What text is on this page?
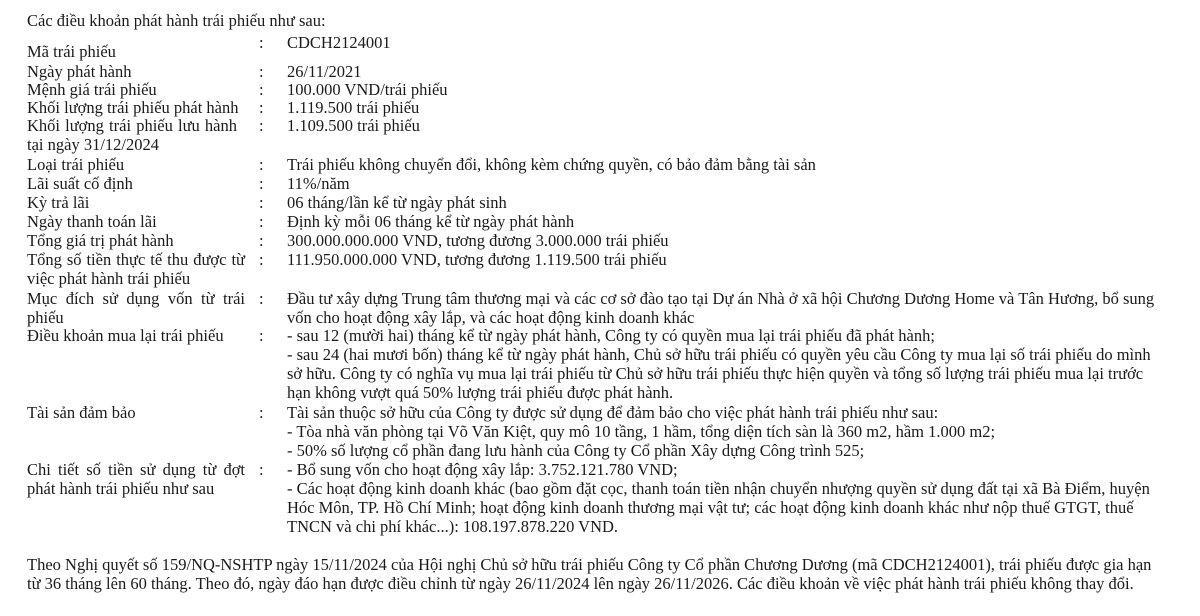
Các điều khoản phát hành trái phiếu như sau:
Mã trái phiếu	: CDCH2124001
Ngày phát hành	: 26/11/2021
Mệnh giá trái phiếu	: 100.000 VND/trái phiếu
Khối lượng trái phiếu phát hành	: 1.119.500 trái phiếu
Khối lượng trái phiếu lưu hành tại ngày 31/12/2024
: 1.109.500 trái phiếu
Loại trái phiếu	: Trái phiếu không chuyển đổi, không kèm chứng quyền, có bảo đảm bằng tài sản
Lãi suất cố định	: 11%/năm
Kỳ trả lãi	: 06 tháng/lần kể từ ngày phát sinh
Ngày thanh toán lãi	: Định kỳ mỗi 06 tháng kể từ ngày phát hành
Tổng giá trị phát hành	: 300.000.000.000 VND, tương đương 3.000.000 trái phiếu
Tổng số tiền thực tế thu được từ việc phát hành trái phiếu
: 111.950.000.000 VND, tương đương 1.119.500 trái phiếu
Mục đích sử dụng vốn từ trái phiếu
: Đầu tư xây dựng Trung tâm thương mại và các cơ sở đào tạo tại Dự án Nhà ở xã hội Chương Dương Home và Tân Hương, bổ sung
vốn cho hoạt động xây lắp, và các hoạt động kinh doanh khác
Điều khoản mua lại trái phiếu	: - sau 12 (mười hai) tháng kể từ ngày phát hành, Công ty có quyền mua lại trái phiếu đã phát hành;
- sau 24 (hai mươi bốn) tháng kể từ ngày phát hành, Chủ sở hữu trái phiếu có quyền yêu cầu Công ty mua lại số trái phiếu do mình
sở hữu. Công ty có nghĩa vụ mua lại trái phiếu từ Chủ sở hữu trái phiếu thực hiện quyền và tổng số lượng trái phiếu mua lại trước
hạn không vượt quá 50% lượng trái phiếu được phát hành.
Tài sản đảm bảo	: Tài sản thuộc sở hữu của Công ty được sử dụng để đảm bảo cho việc phát hành trái phiếu như sau:
- Tòa nhà văn phòng tại Võ Văn Kiệt, quy mô 10 tầng, 1 hầm, tổng diện tích sàn là 360 m2, hầm 1.000 m2;
- 50% số lượng cổ phần đang lưu hành của Công ty Cổ phần Xây dựng Công trình 525;
Chi tiết số tiền sử dụng từ đợt phát hành trái phiếu như sau
: - Bổ sung vốn cho hoạt động xây lắp: 3.752.121.780 VND;
- Các hoạt động kinh doanh khác (bao gồm đặt cọc, thanh toán tiền nhận chuyển nhượng quyền sử dụng đất tại xã Bà Điểm, huyện
Hóc Môn, TP. Hồ Chí Minh; hoạt động kinh doanh thương mại vật tư; các hoạt động kinh doanh khác như nộp thuế GTGT, thuế
TNCN và chi phí khác...): 108.197.878.220 VND.
Theo Nghị quyết số 159/NQ-NSHTP ngày 15/11/2024 của Hội nghị Chủ sở hữu trái phiếu Công ty Cổ phần Chương Dương (mã CDCH2124001), trái phiếu được gia hạn
từ 36 tháng lên 60 tháng. Theo đó, ngày đáo hạn được điều chỉnh từ ngày 26/11/2024 lên ngày 26/11/2026. Các điều khoản về việc phát hành trái phiếu không thay đổi.
